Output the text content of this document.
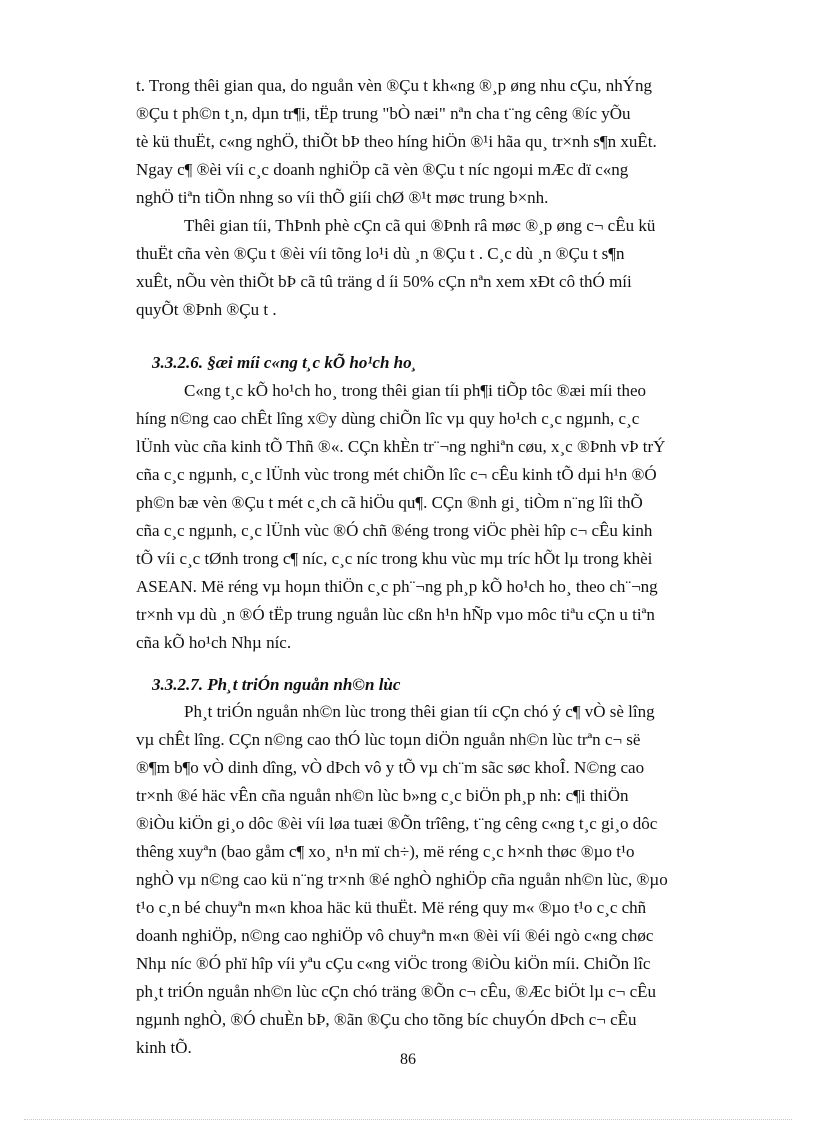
t. Trong thêi gian qua, do nguån vèn ®Çu t kh«ng ®¸p øng nhu cÇu, nhÝng
®Çu t ph©n t¸n, dµn tr¶i, tËp trung "bÒ næi" nªn cha t¨ng cêng ®íc yÕu
tè kü thuËt, c«ng nghÖ, thiÕt bÞ theo híng hiÖn ®¹i hãa qu¸ tr×nh s¶n xuÊt.
Ngay c¶ ®èi víi c¸c doanh nghiÖp cã vèn ®Çu t níc ngoµi mÆc dï c«ng
nghÖ tiªn tiÕn nhng so víi thÕ giíi chØ ®¹t møc trung b×nh.

Thêi gian tíi, ThÞnh phè cÇn cã qui ®Þnh râ møc ®¸p øng c¬ cÊu kü
thuËt cña vèn ®Çu t ®èi víi tõng lo¹i dù ¸n ®Çu t . C¸c dù ¸n ®Çu t s¶n
xuÊt, nÕu vèn thiÕt bÞ cã tû träng d íi 50% cÇn nªn xem xÐt cô thÓ míi
quyÕt ®Þnh ®Çu t .

3.3.2.6. §æi míi c«ng t¸c kÕ ho¹ch ho¸

C«ng t¸c kÕ ho¹ch ho¸ trong thêi gian tíi ph¶i tiÕp tôc ®æi míi theo
híng n©ng cao chÊt lîng x©y dùng chiÕn lîc vµ quy ho¹ch c¸c ngµnh, c¸c
lÜnh vùc cña kinh tÕ Thñ ®«. CÇn khÈn tr¨¬ng nghiªn cøu, x¸c ®Þnh vÞ trÝ
cña c¸c ngµnh, c¸c lÜnh vùc trong mét chiÕn lîc c¬ cÊu kinh tÕ dµi h¹n ®Ó
ph©n bæ vèn ®Çu t mét c¸ch cã hiÖu qu¶. CÇn ®nh gi¸ tiÒm n¨ng lîi thÕ
cña c¸c ngµnh, c¸c lÜnh vùc ®Ó chñ ®éng trong viÖc phèi hîp c¬ cÊu kinh
tÕ víi c¸c tØnh trong c¶ níc, c¸c níc trong khu vùc mµ tríc hÕt lµ trong khèi
ASEAN. Më réng vµ hoµn thiÖn c¸c ph¨¬ng ph¸p kÕ ho¹ch ho¸ theo ch¨¬ng
tr×nh vµ dù ¸n ®Ó tËp trung nguån lùc cßn h¹n hÑp vµo môc tiªu cÇn u tiªn
cña kÕ ho¹ch Nhµ níc.

3.3.2.7. Ph¸t triÓn nguån nh©n lùc

Ph¸t triÓn nguån nh©n lùc trong thêi gian tíi cÇn chó ý c¶ vÒ sè lîng
vµ chÊt lîng. CÇn n©ng cao thÓ lùc toµn diÖn nguån nh©n lùc trªn c¬ së
®¶m b¶o vÒ dinh dîng, vÒ dÞch vô y tÕ vµ ch¨m sãc søc khoÎ. N©ng cao
tr×nh ®é häc vÊn cña nguån nh©n lùc b»ng c¸c biÖn ph¸p nh: c¶i thiÖn
®iÒu kiÖn gi¸o dôc ®èi víi løa tuæi ®Õn trîêng, t¨ng cêng c«ng t¸c gi¸o dôc
thêng xuyªn (bao gåm c¶ xo¸ n¹n mï ch÷), më réng c¸c h×nh thøc ®µo t¹o
nghÒ vµ n©ng cao kü n¨ng tr×nh ®é nghÒ nghiÖp cña nguån nh©n lùc, ®µo
t¹o c¸n bé chuyªn m«n khoa häc kü thuËt. Më réng quy m« ®µo t¹o c¸c chñ
doanh nghiÖp, n©ng cao nghiÖp vô chuyªn m«n ®èi víi ®éi ngò c«ng chøc
Nhµ níc ®Ó phï hîp víi yªu cÇu c«ng viÖc trong ®iÒu kiÖn míi. ChiÕn lîc
ph¸t triÓn nguån nh©n lùc cÇn chó träng ®Õn c¬ cÊu, ®Æc biÖt lµ c¬ cÊu
ngµnh nghÒ, ®Ó chuÈn bÞ, ®ãn ®Çu cho tõng bíc chuyÓn dÞch c¬ cÊu
kinh tÕ.

86
